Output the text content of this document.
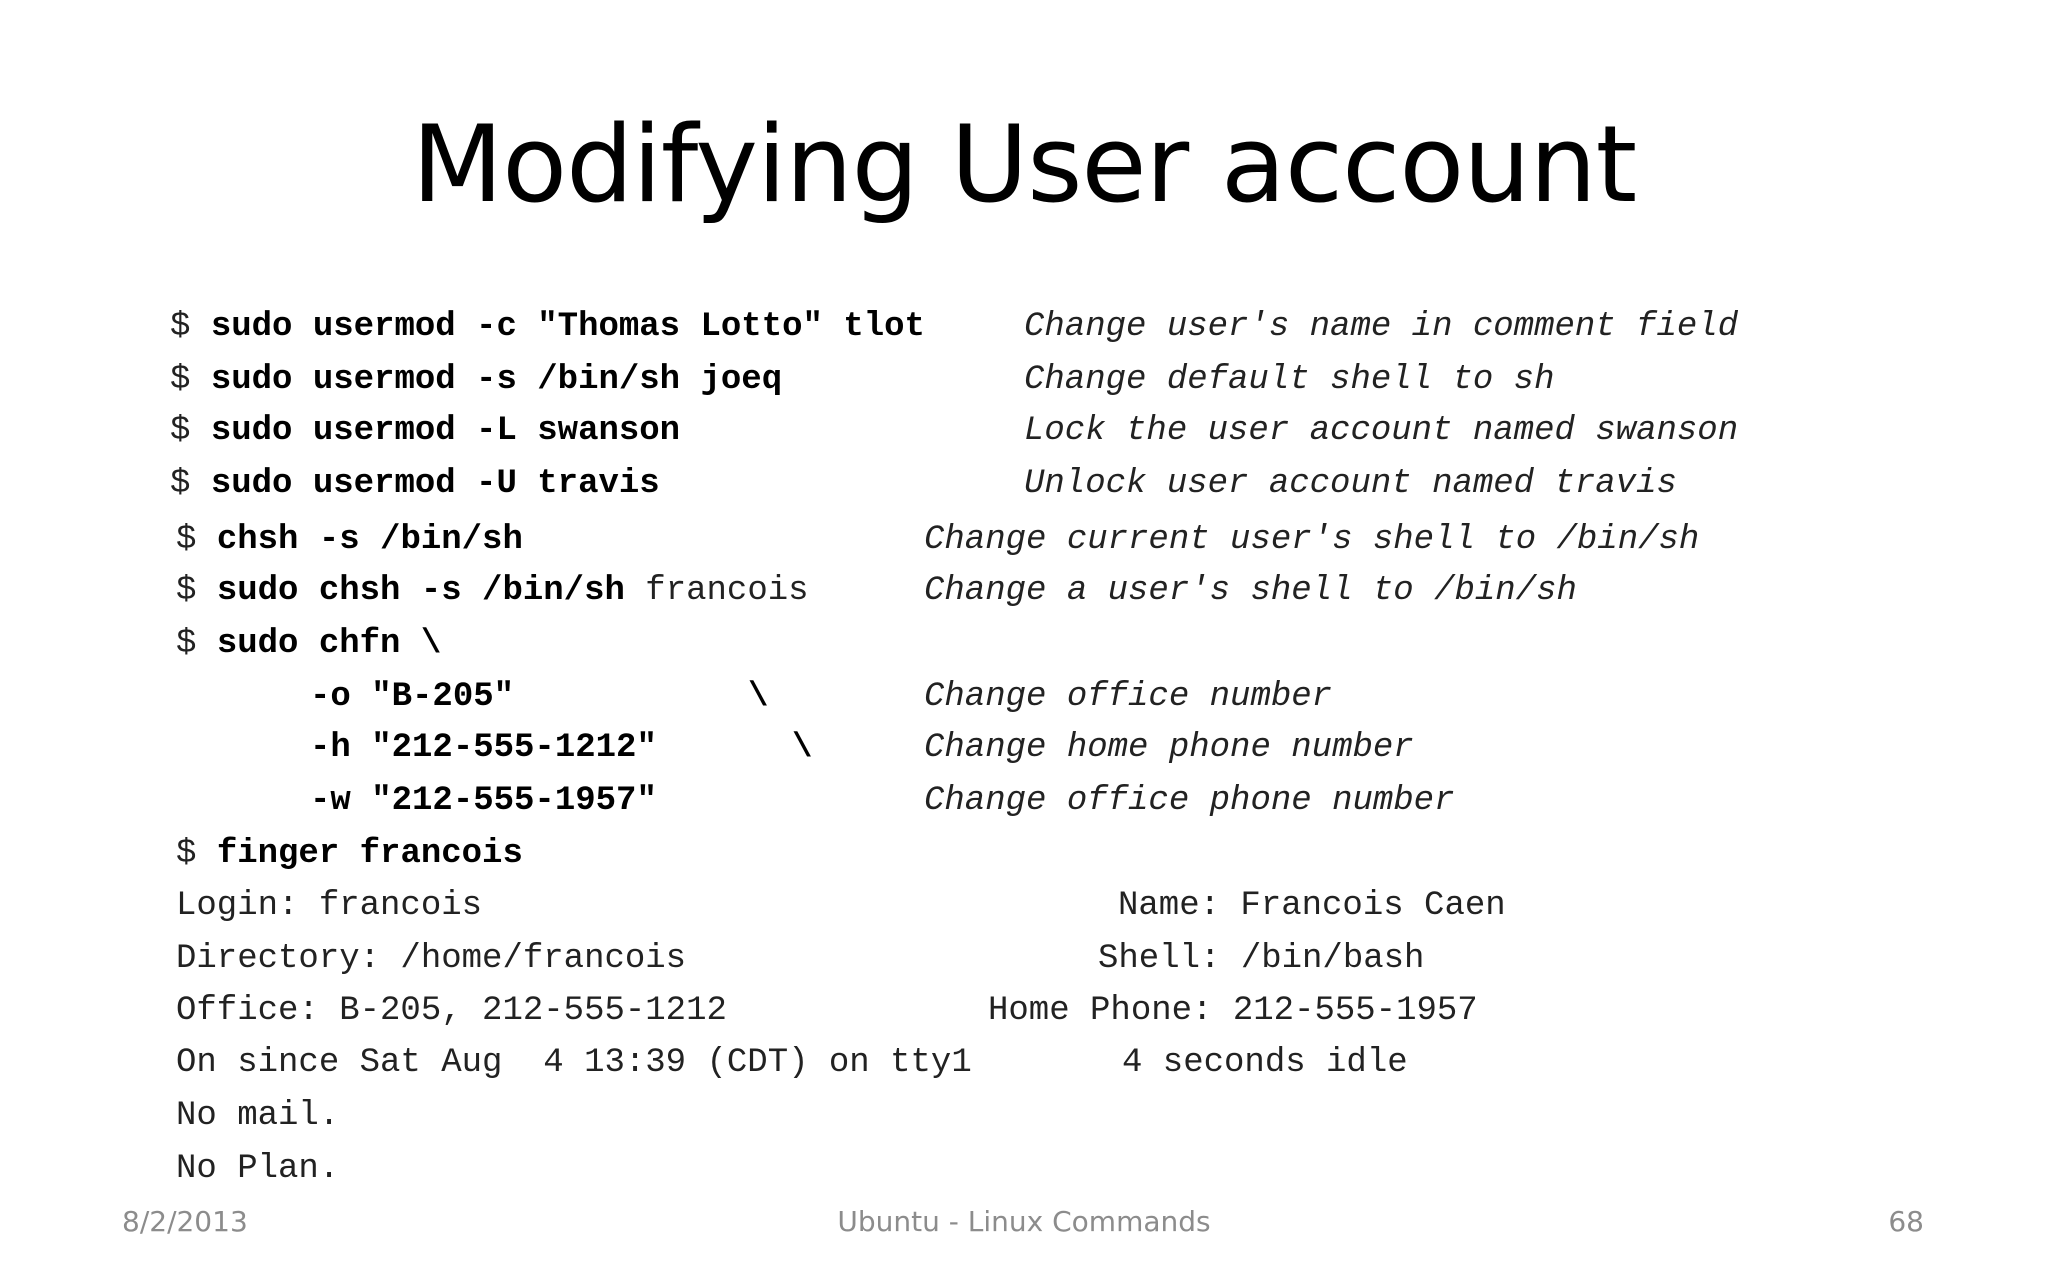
Modifying User account
$ sudo usermod -c "Thomas Lotto" tlot	Change user's name in comment field
$ sudo usermod -s /bin/sh joeq	Change default shell to sh
$ sudo usermod -L swanson	Lock the user account named swanson
$ sudo usermod -U travis	Unlock user account named travis
$ chsh -s /bin/sh	Change current user's shell to /bin/sh
$ sudo chsh -s /bin/sh francois	Change a user's shell to /bin/sh
$ sudo chfn \
-o "B-205"	\	Change office number
-h "212-555-1212"	\	Change home phone number
-w "212-555-1957"	Change office phone number
$ finger francois
Login: francois	Name: Francois Caen
Directory: /home/francois	Shell: /bin/bash
Office: B-205, 212-555-1212	Home Phone: 212-555-1957
On since Sat Aug  4 13:39 (CDT) on tty1	4 seconds idle
No mail.
No Plan.
8/2/2013	Ubuntu - Linux Commands	68
